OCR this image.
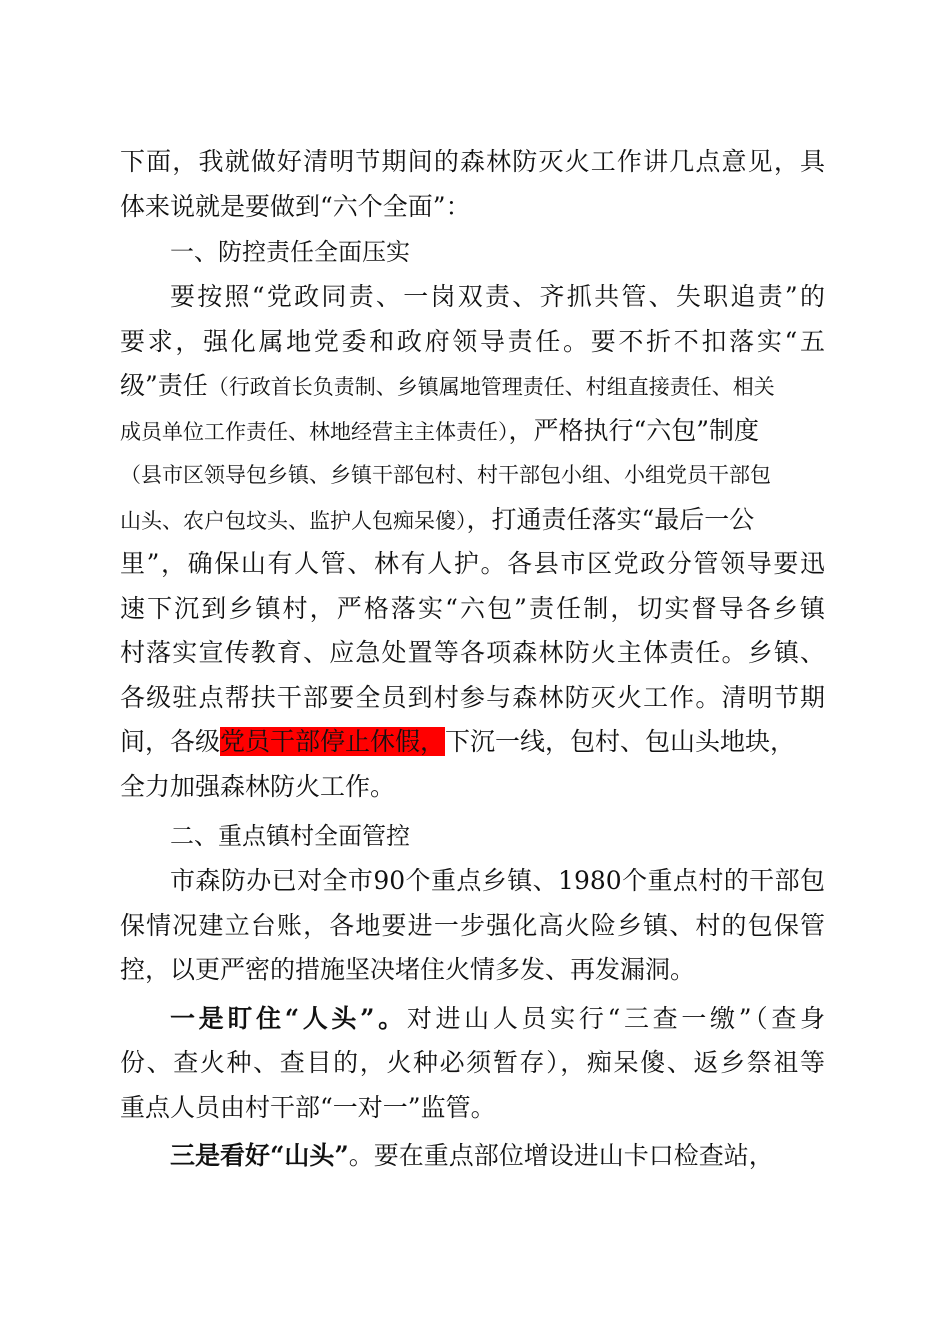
下面，我就做好清明节期间的森林防灭火工作讲几点意见，具
体来说就是要做到“六个全面”：
一、防控责任全面压实
要按照“党政同责、一岗双责、齐抓共管、失职追责”的
要求，强化属地党委和政府领导责任。要不折不扣落实“五
级”责任（行政首长负责制、乡镇属地管理责任、村组直接责任、相关
成员单位工作责任、林地经营主主体责任），严格执行“六包”制度
（县市区领导包乡镇、乡镇干部包村、村干部包小组、小组党员干部包
山头、农户包坟头、监护人包痴呆傻），打通责任落实“最后一公
里”，确保山有人管、林有人护。各县市区党政分管领导要迅
速下沉到乡镇村，严格落实“六包”责任制，切实督导各乡镇
村落实宣传教育、应急处置等各项森林防火主体责任。乡镇、
各级驻点帮扶干部要全员到村参与森林防灭火工作。清明节期
间，各级党员干部停止休假，下沉一线，包村、包山头地块，
全力加强森林防火工作。
二、重点镇村全面管控
市森防办已对全市90个重点乡镇、1980个重点村的干部包
保情况建立台账，各地要进一步强化高火险乡镇、村的包保管
控，以更严密的措施坚决堵住火情多发、再发漏洞。
一是盯住“人头”。对进山人员实行“三查一缴”（查身
份、查火种、查目的，火种必须暂存），痴呆傻、返乡祭祖等
重点人员由村干部“一对一”监管。
三是看好“山头”。要在重点部位增设进山卡口检查站，
